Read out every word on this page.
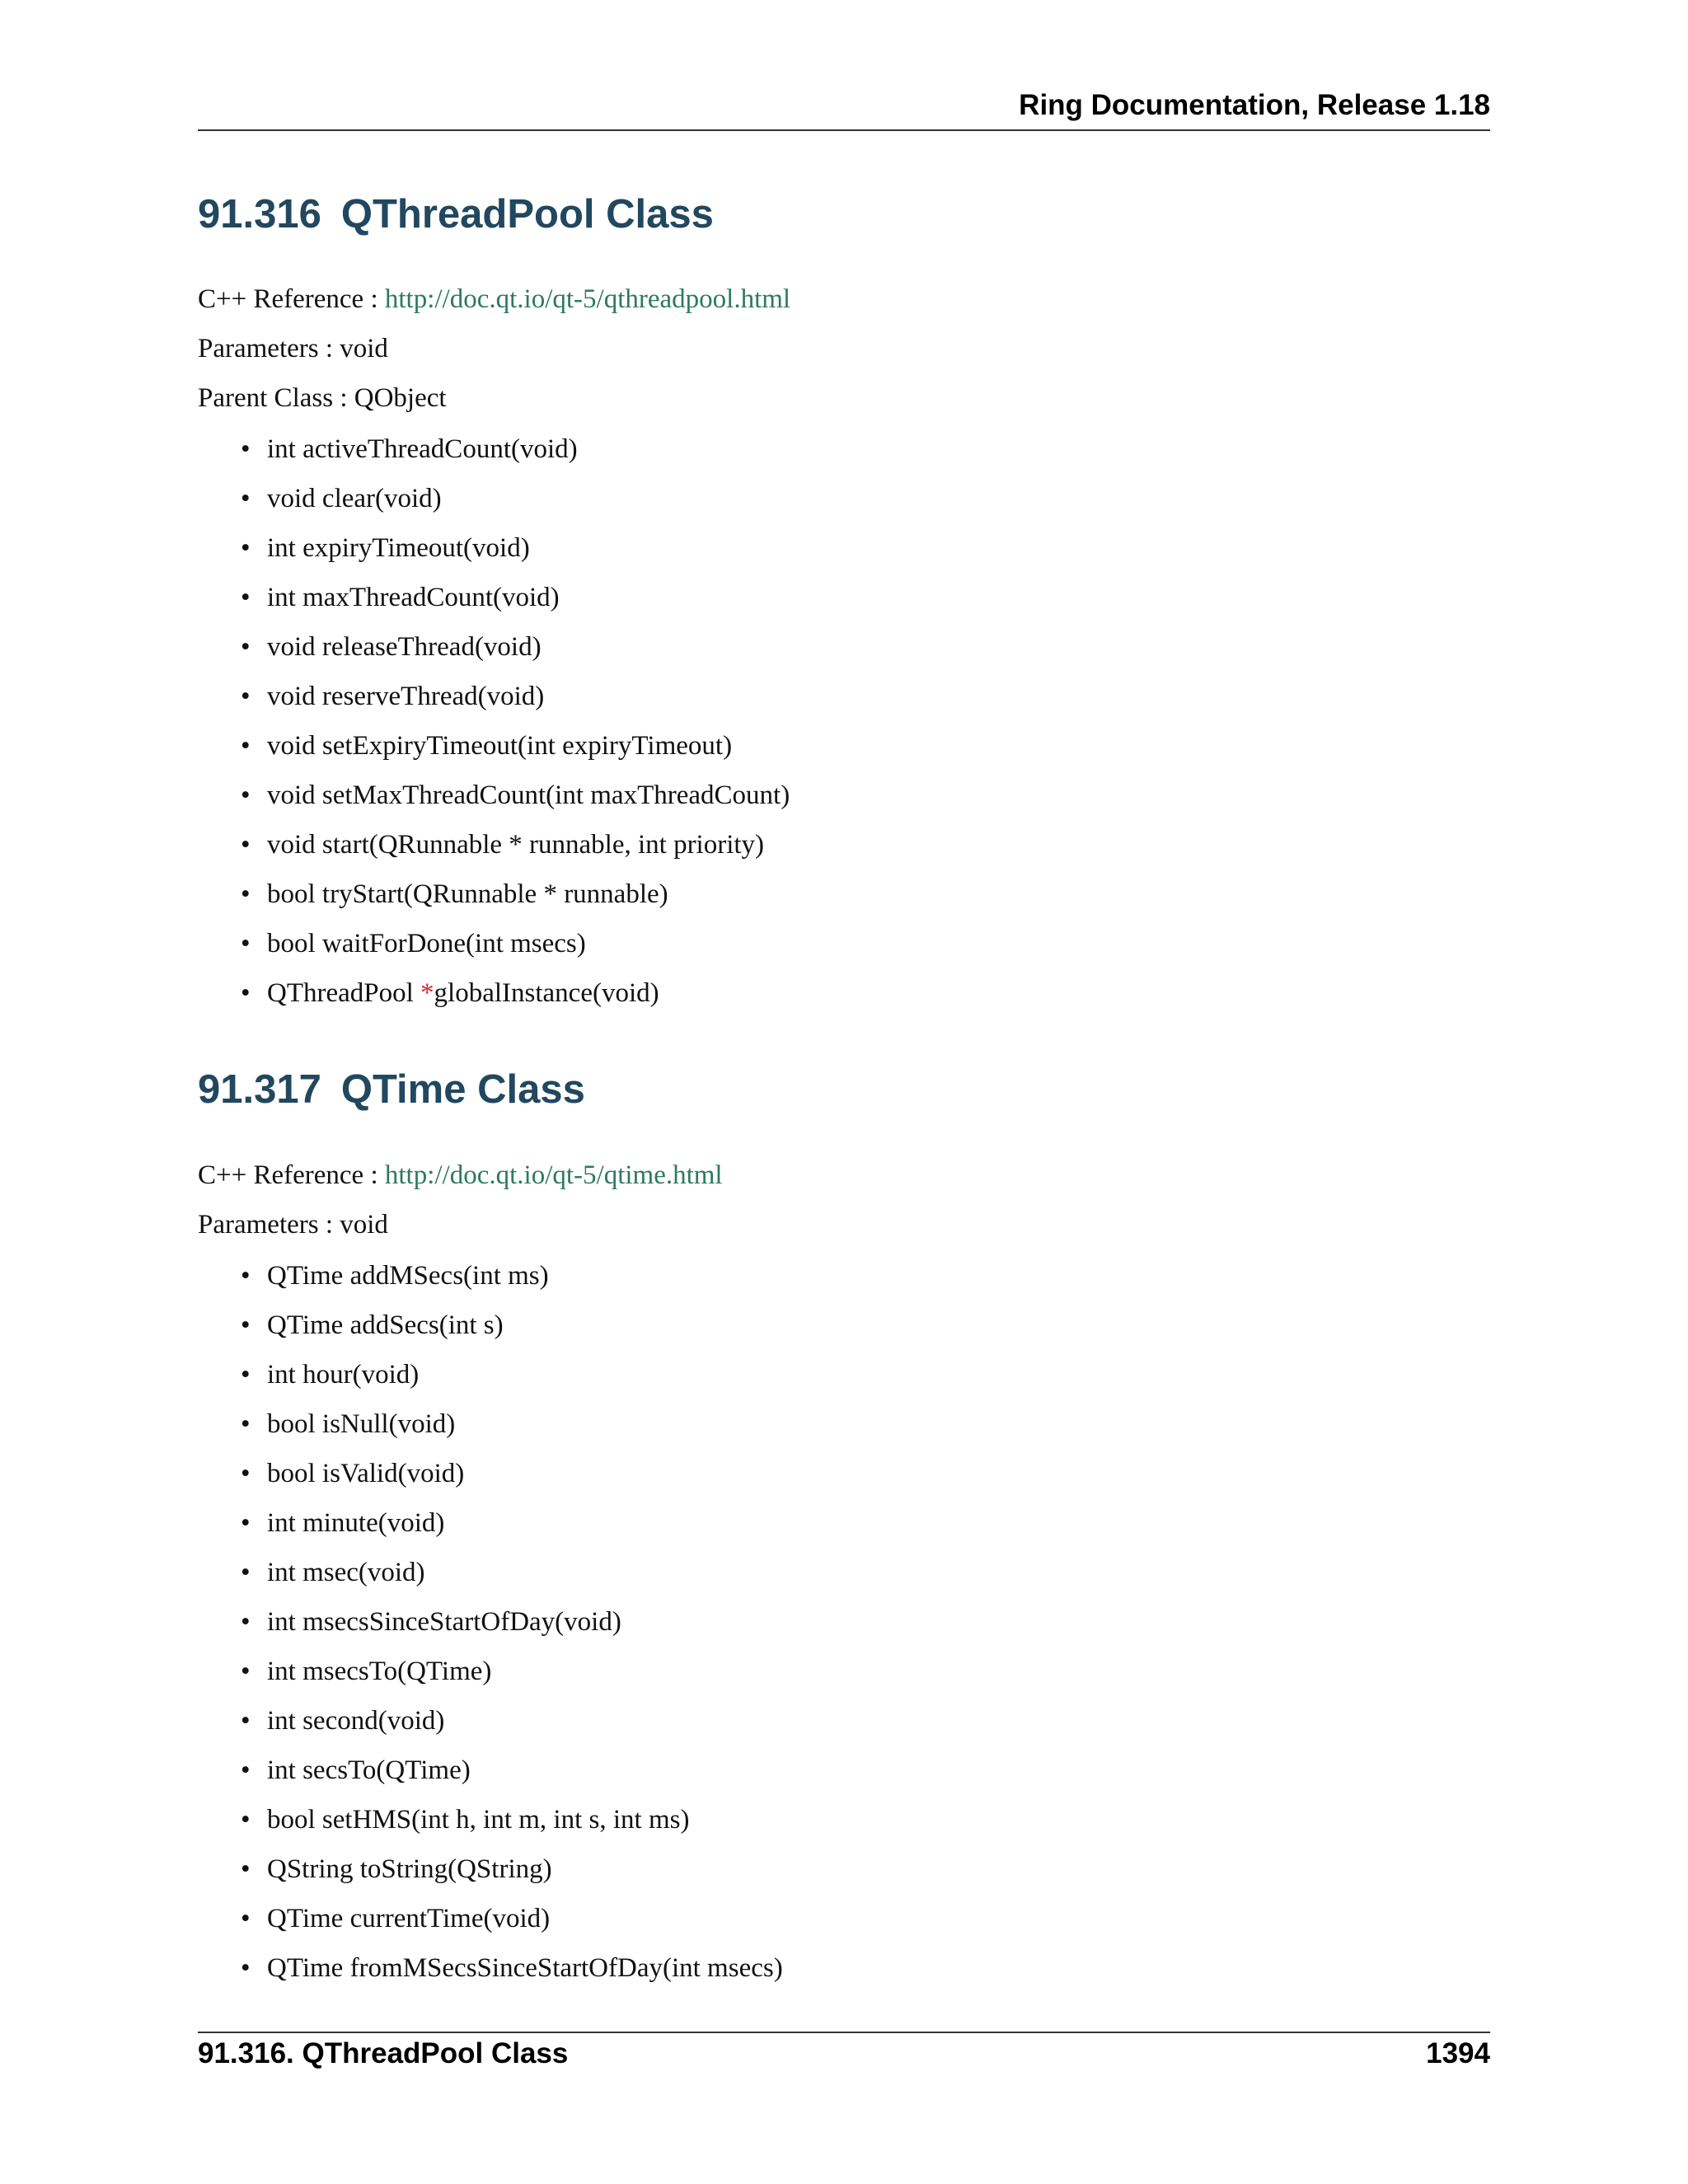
Ring Documentation, Release 1.18
91.316 QThreadPool Class
C++ Reference : http://doc.qt.io/qt-5/qthreadpool.html
Parameters : void
Parent Class : QObject
• int activeThreadCount(void)
• void clear(void)
• int expiryTimeout(void)
• int maxThreadCount(void)
• void releaseThread(void)
• void reserveThread(void)
• void setExpiryTimeout(int expiryTimeout)
• void setMaxThreadCount(int maxThreadCount)
• void start(QRunnable * runnable, int priority)
• bool tryStart(QRunnable * runnable)
• bool waitForDone(int msecs)
• QThreadPool *globalInstance(void)
91.317 QTime Class
C++ Reference : http://doc.qt.io/qt-5/qtime.html
Parameters : void
• QTime addMSecs(int ms)
• QTime addSecs(int s)
• int hour(void)
• bool isNull(void)
• bool isValid(void)
• int minute(void)
• int msec(void)
• int msecsSinceStartOfDay(void)
• int msecsTo(QTime)
• int second(void)
• int secsTo(QTime)
• bool setHMS(int h, int m, int s, int ms)
• QString toString(QString)
• QTime currentTime(void)
• QTime fromMSecsSinceStartOfDay(int msecs)
91.316. QThreadPool Class	1394
